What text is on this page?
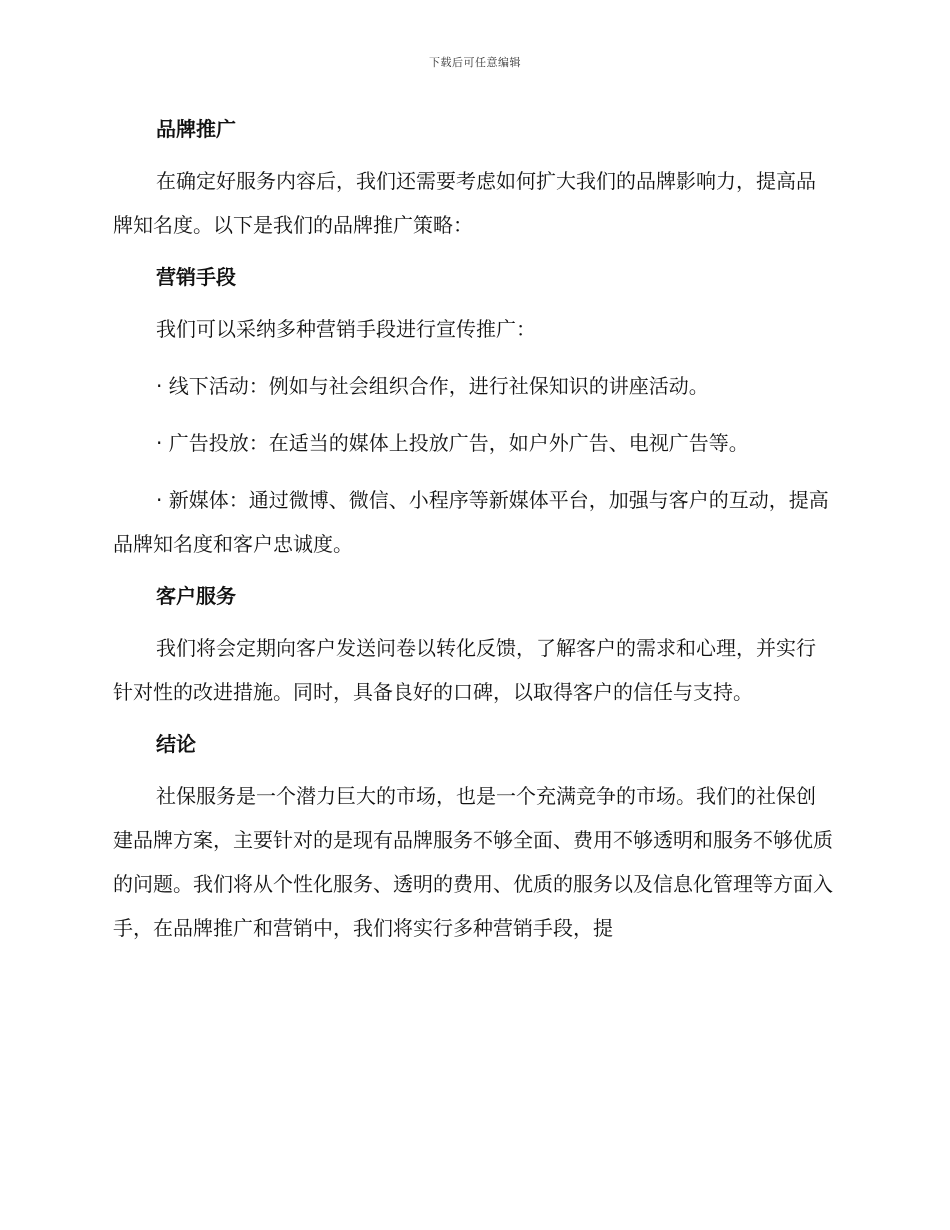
下载后可任意编辑
品牌推广

在确定好服务内容后，我们还需要考虑如何扩大我们的品牌影响力，提高品牌知名度。以下是我们的品牌推广策略：

营销手段

我们可以采纳多种营销手段进行宣传推广：

· 线下活动：例如与社会组织合作，进行社保知识的讲座活动。

· 广告投放：在适当的媒体上投放广告，如户外广告、电视广告等。

· 新媒体：通过微博、微信、小程序等新媒体平台，加强与客户的互动，提高品牌知名度和客户忠诚度。

客户服务

我们将会定期向客户发送问卷以转化反馈，了解客户的需求和心理，并实行针对性的改进措施。同时，具备良好的口碑，以取得客户的信任与支持。

结论

社保服务是一个潜力巨大的市场，也是一个充满竞争的市场。我们的社保创建品牌方案，主要针对的是现有品牌服务不够全面、费用不够透明和服务不够优质的问题。我们将从个性化服务、透明的费用、优质的服务以及信息化管理等方面入手，在品牌推广和营销中，我们将实行多种营销手段，提
